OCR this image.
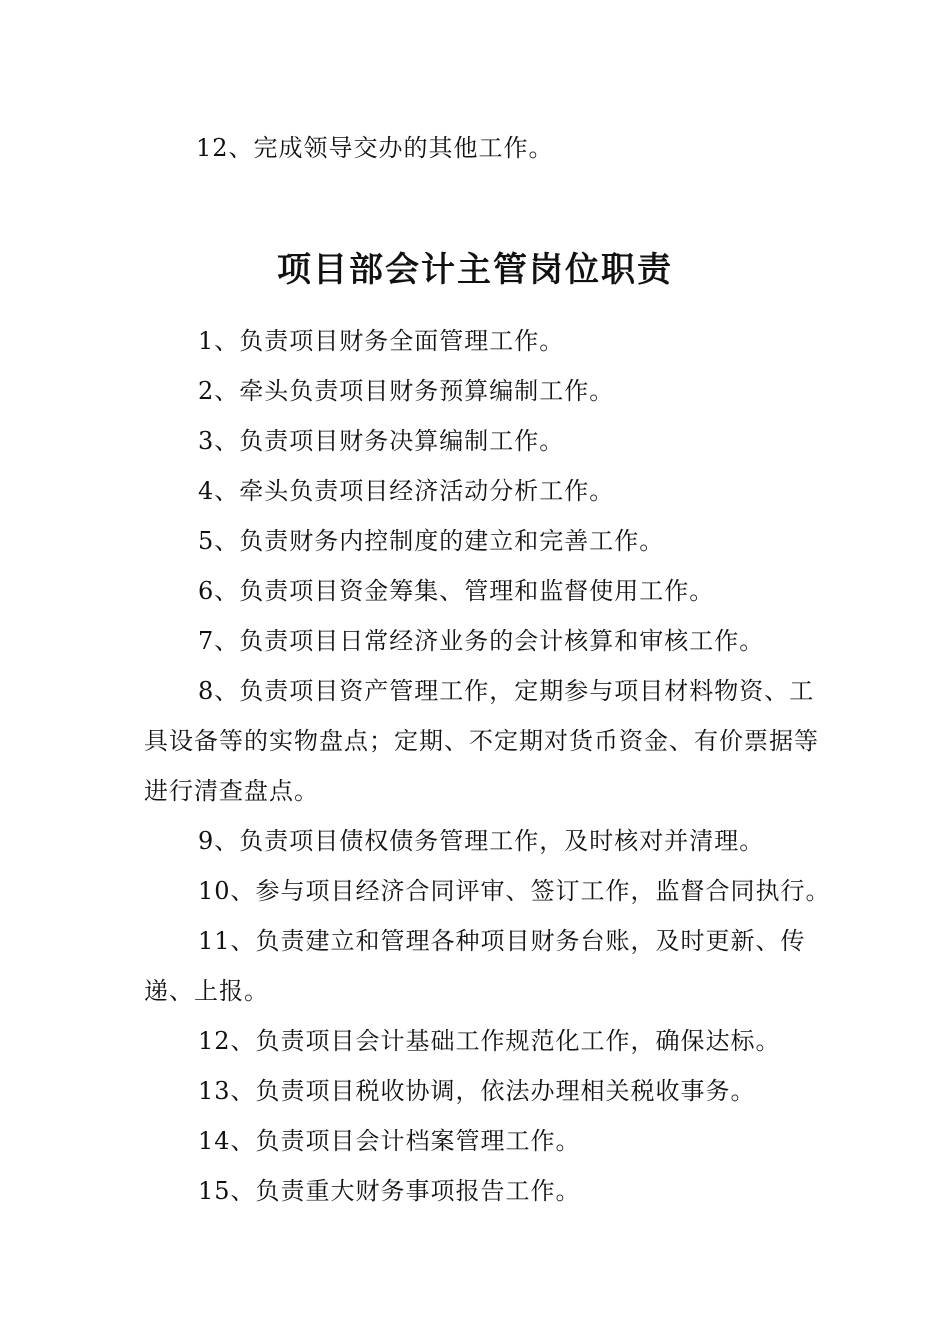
12、完成领导交办的其他工作。
项目部会计主管岗位职责
1、负责项目财务全面管理工作。
2、牵头负责项目财务预算编制工作。
3、负责项目财务决算编制工作。
4、牵头负责项目经济活动分析工作。
5、负责财务内控制度的建立和完善工作。
6、负责项目资金筹集、管理和监督使用工作。
7、负责项目日常经济业务的会计核算和审核工作。
8、负责项目资产管理工作，定期参与项目材料物资、工
具设备等的实物盘点；定期、不定期对货币资金、有价票据等
进行清查盘点。
9、负责项目债权债务管理工作，及时核对并清理。
10、参与项目经济合同评审、签订工作，监督合同执行。
11、负责建立和管理各种项目财务台账，及时更新、传
递、上报。
12、负责项目会计基础工作规范化工作，确保达标。
13、负责项目税收协调，依法办理相关税收事务。
14、负责项目会计档案管理工作。
15、负责重大财务事项报告工作。
